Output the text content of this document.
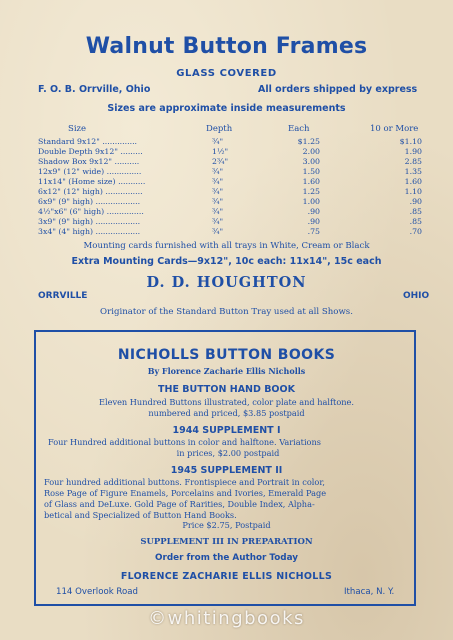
Walnut Button Frames
GLASS COVERED
F. O. B. Orrville, Ohio	All orders shipped by express
Sizes are approximate inside measurements
Size	Depth	Each	10 or More
Standard 9x12" ..............	¾"	$1.25	$1.10
Double Depth 9x12" .........	1½"	2.00	1.90
Shadow Box 9x12" ..........	2¾"	3.00	2.85
12x9" (12" wide) ..............	¾"	1.50	1.35
11x14" (Home size) ...........	¾"	1.60	1.60
6x12" (12" high) ...............	¾"	1.25	1.10
6x9" (9" high) ..................	¾"	1.00	.90
4½"x6" (6" high) ...............	¾"	.90	.85
3x9" (9" high) ..................	¾"	.90	.85
3x4" (4" high) ..................	¾"	.75	.70
Mounting cards furnished with all trays in White, Cream or Black
Extra Mounting Cards—9x12", 10c each: 11x14", 15c each
D. D. HOUGHTON
ORRVILLE	OHIO
Originator of the Standard Button Tray used at all Shows.
NICHOLLS BUTTON BOOKS
By Florence Zacharie Ellis Nicholls
THE BUTTON HAND BOOK
Eleven Hundred Buttons illustrated, color plate and halftone.
numbered and priced, $3.85 postpaid
1944 SUPPLEMENT I
Four Hundred additional buttons in color and halftone. Variations
in prices, $2.00 postpaid
1945 SUPPLEMENT II
Four hundred additional buttons. Frontispiece and Portrait in color,
Rose Page of Figure Enamels, Porcelains and Ivories, Emerald Page
of Glass and DeLuxe. Gold Page of Rarities, Double Index, Alpha-
betical and Specialized of Button Hand Books.
Price $2.75, Postpaid
SUPPLEMENT III IN PREPARATION
Order from the Author Today
FLORENCE ZACHARIE ELLIS NICHOLLS
114 Overlook Road	Ithaca, N. Y.
©whitingbooks
